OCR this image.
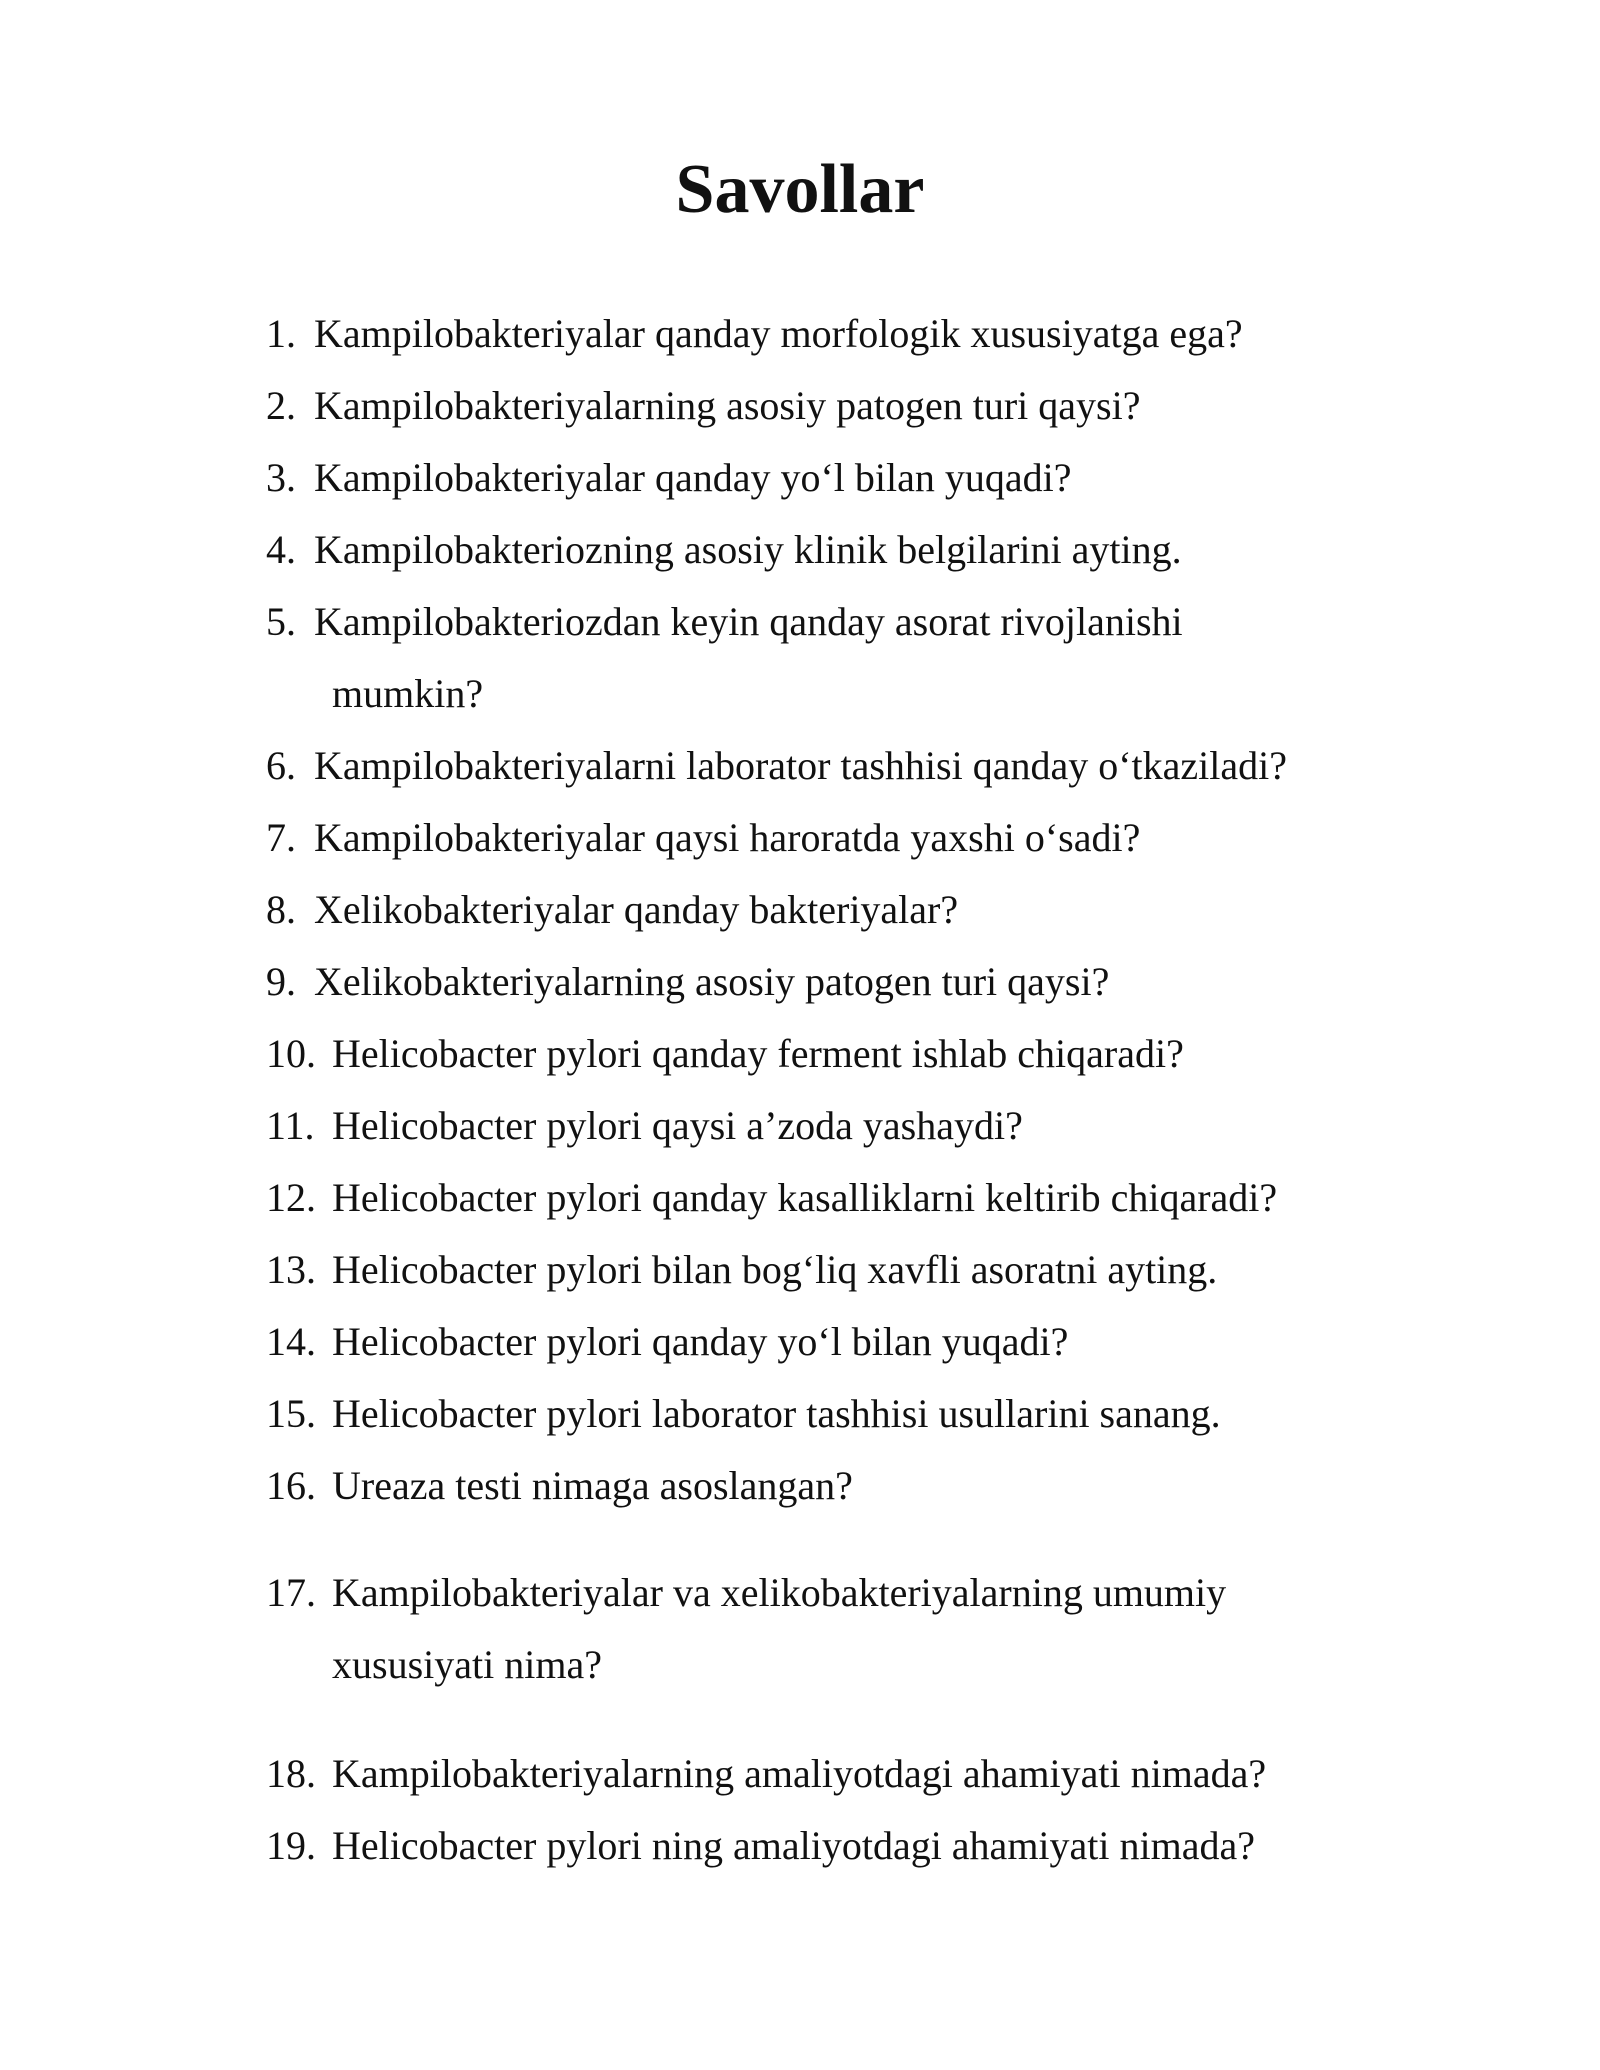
Savollar
1. Kampilobakteriyalar qanday morfologik xususiyatga ega?
2. Kampilobakteriyalarning asosiy patogen turi qaysi?
3. Kampilobakteriyalar qanday yo‘l bilan yuqadi?
4. Kampilobakteriozning asosiy klinik belgilarini ayting.
5. Kampilobakteriozdan keyin qanday asorat rivojlanishi
mumkin?
6. Kampilobakteriyalarni laborator tashhisi qanday o‘tkaziladi?
7. Kampilobakteriyalar qaysi haroratda yaxshi o‘sadi?
8. Xelikobakteriyalar qanday bakteriyalar?
9. Xelikobakteriyalarning asosiy patogen turi qaysi?
10. Helicobacter pylori qanday ferment ishlab chiqaradi?
11. Helicobacter pylori qaysi a’zoda yashaydi?
12. Helicobacter pylori qanday kasalliklarni keltirib chiqaradi?
13. Helicobacter pylori bilan bog‘liq xavfli asoratni ayting.
14. Helicobacter pylori qanday yo‘l bilan yuqadi?
15. Helicobacter pylori laborator tashhisi usullarini sanang.
16. Ureaza testi nimaga asoslangan?
17. Kampilobakteriyalar va xelikobakteriyalarning umumiy
xususiyati nima?
18. Kampilobakteriyalarning amaliyotdagi ahamiyati nimada?
19. Helicobacter pylori ning amaliyotdagi ahamiyati nimada?
